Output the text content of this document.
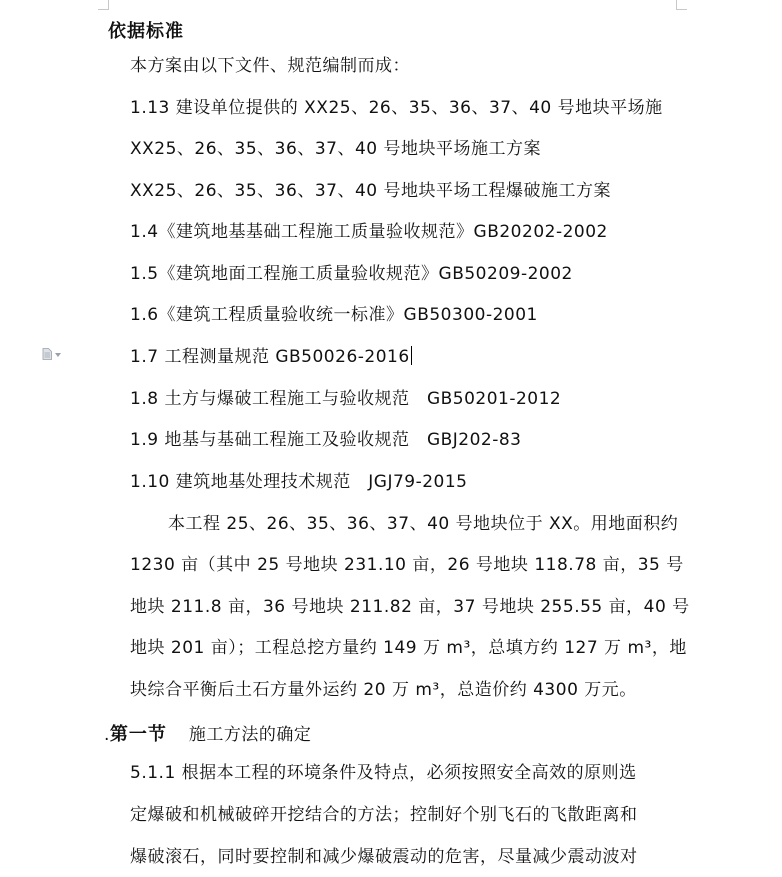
依据标准
本方案由以下文件、规范编制而成：
1.13 建设单位提供的 XX25、26、35、36、37、40 号地块平场施
XX25、26、35、36、37、40 号地块平场施工方案
XX25、26、35、36、37、40 号地块平场工程爆破施工方案
1.4《建筑地基基础工程施工质量验收规范》GB20202-2002
1.5《建筑地面工程施工质量验收规范》GB50209-2002
1.6《建筑工程质量验收统一标准》GB50300-2001
1.7 工程测量规范 GB50026-2016
1.8 土方与爆破工程施工与验收规范　GB50201-2012
1.9 地基与基础工程施工及验收规范　GBJ202-83
1.10 建筑地基处理技术规范　JGJ79-2015
本工程 25、26、35、36、37、40 号地块位于 XX。用地面积约
1230 亩（其中 25 号地块 231.10 亩，26 号地块 118.78 亩，35 号
地块 211.8 亩，36 号地块 211.82 亩，37 号地块 255.55 亩，40 号
地块 201 亩）；工程总挖方量约 149 万 m³，总填方约 127 万 m³，地
块综合平衡后土石方量外运约 20 万 m³，总造价约 4300 万元。
.第一节 施工方法的确定
5.1.1 根据本工程的环境条件及特点，必须按照安全高效的原则选
定爆破和机械破碎开挖结合的方法；控制好个别飞石的飞散距离和
爆破滚石，同时要控制和减少爆破震动的危害，尽量减少震动波对
